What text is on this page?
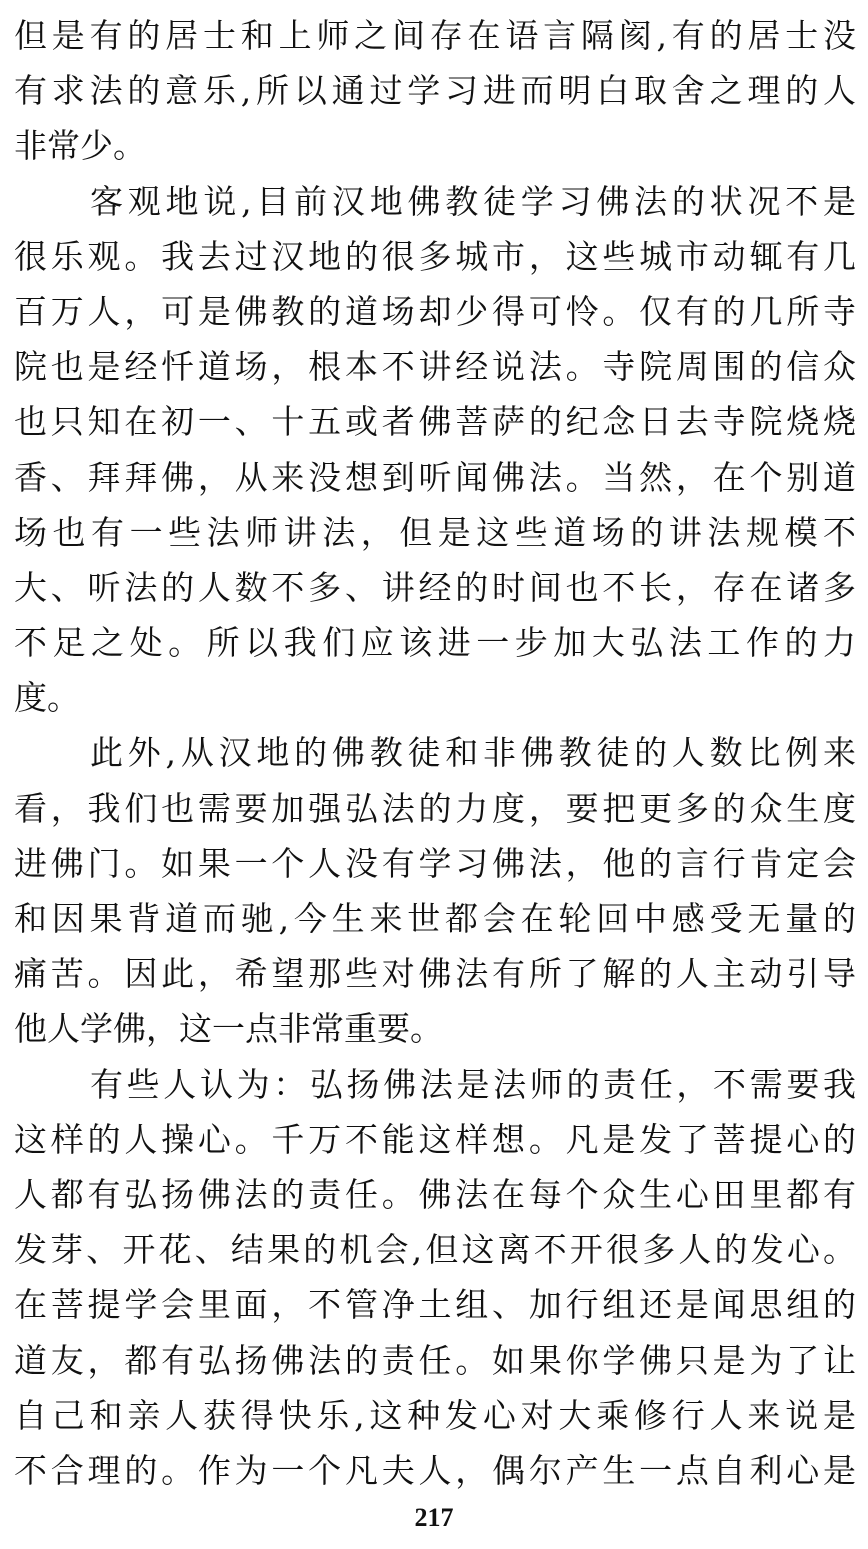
但是有的居士和上师之间存在语言隔阂,有的居士没
有求法的意乐,所以通过学习进而明白取舍之理的人
非常少。
客观地说,目前汉地佛教徒学习佛法的状况不是
很乐观。我去过汉地的很多城市，这些城市动辄有几
百万人，可是佛教的道场却少得可怜。仅有的几所寺
院也是经忏道场，根本不讲经说法。寺院周围的信众
也只知在初一、十五或者佛菩萨的纪念日去寺院烧烧
香、拜拜佛，从来没想到听闻佛法。当然，在个别道
场也有一些法师讲法，但是这些道场的讲法规模不
大、听法的人数不多、讲经的时间也不长，存在诸多
不足之处。所以我们应该进一步加大弘法工作的力
度。
此外,从汉地的佛教徒和非佛教徒的人数比例来
看，我们也需要加强弘法的力度，要把更多的众生度
进佛门。如果一个人没有学习佛法，他的言行肯定会
和因果背道而驰,今生来世都会在轮回中感受无量的
痛苦。因此，希望那些对佛法有所了解的人主动引导
他人学佛，这一点非常重要。
有些人认为：弘扬佛法是法师的责任，不需要我
这样的人操心。千万不能这样想。凡是发了菩提心的
人都有弘扬佛法的责任。佛法在每个众生心田里都有
发芽、开花、结果的机会,但这离不开很多人的发心。
在菩提学会里面，不管净土组、加行组还是闻思组的
道友，都有弘扬佛法的责任。如果你学佛只是为了让
自己和亲人获得快乐,这种发心对大乘修行人来说是
不合理的。作为一个凡夫人，偶尔产生一点自利心是
217
